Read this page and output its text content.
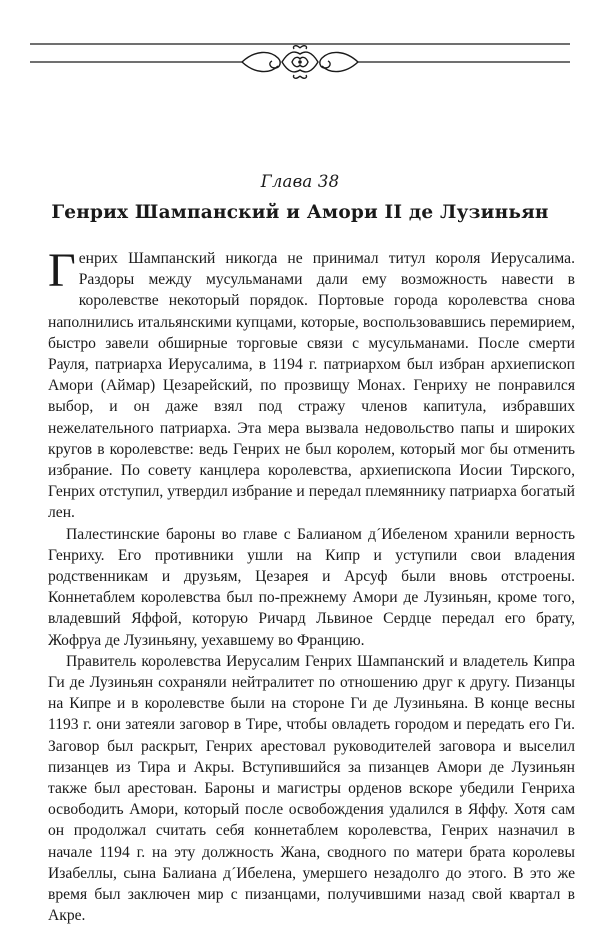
Глава 38
Генрих Шампанский и Амори II де Лузиньян

Генрих Шампанский никогда не принимал титул короля Иерусалима. Раздоры между мусульманами дали ему возможность навести в королевстве некоторый порядок. Портовые города королевства снова наполнились итальянскими купцами, которые, воспользовавшись перемирием, быстро завели обширные торговые связи с мусульманами. После смерти Рауля, патриарха Иерусалима, в 1194 г. патриархом был избран архиепископ Амори (Аймар) Цезарейский, по прозвищу Монах. Генриху не понравился выбор, и он даже взял под стражу членов капитула, избравших нежелательного патриарха. Эта мера вызвала недовольство папы и широких кругов в королевстве: ведь Генрих не был королем, который мог бы отменить избрание. По совету канцлера королевства, архиепископа Иосии Тирского, Генрих отступил, утвердил избрание и передал племяннику патриарха богатый лен.

Палестинские бароны во главе с Балианом д´Ибеленом хранили верность Генриху. Его противники ушли на Кипр и уступили свои владения родственникам и друзьям, Цезарея и Арсуф были вновь отстроены. Коннетаблем королевства был по-прежнему Амори де Лузиньян, кроме того, владевший Яффой, которую Ричард Львиное Сердце передал его брату, Жофруа де Лузиньяну, уехавшему во Францию.

Правитель королевства Иерусалим Генрих Шампанский и владетель Кипра Ги де Лузиньян сохраняли нейтралитет по отношению друг к другу. Пизанцы на Кипре и в королевстве были на стороне Ги де Лузиньяна. В конце весны 1193 г. они затеяли заговор в Тире, чтобы овладеть городом и передать его Ги. Заговор был раскрыт, Генрих арестовал руководителей заговора и выселил пизанцев из Тира и Акры. Вступившийся за пизанцев Амори де Лузиньян также был арестован. Бароны и магистры орденов вскоре убедили Генриха освободить Амори, который после освобождения удалился в Яффу. Хотя сам он продолжал считать себя коннетаблем королевства, Генрих назначил в начале 1194 г. на эту должность Жана, сводного по матери брата королевы Изабеллы, сына Балиана д´Ибелена, умершего незадолго до этого. В это же время был заключен мир с пизанцами, получившими назад свой квартал в Акре.
